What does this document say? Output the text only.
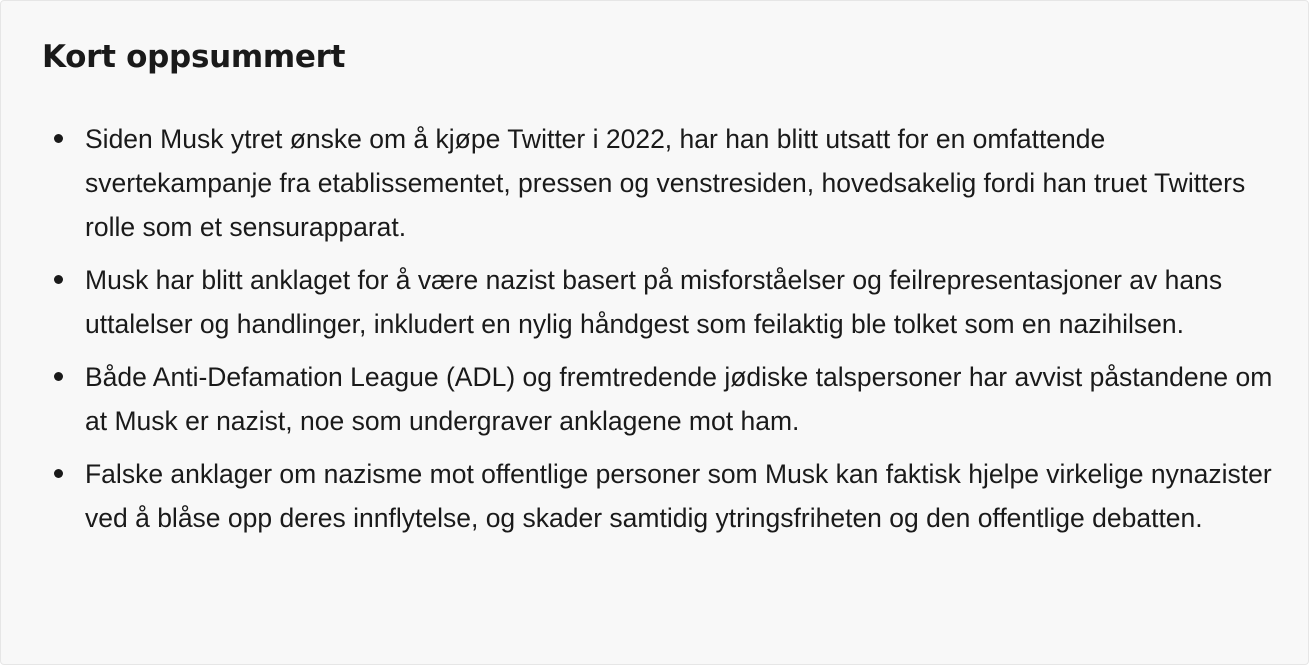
Kort oppsummert
Siden Musk ytret ønske om å kjøpe Twitter i 2022, har han blitt utsatt for en omfattende svertekampanje fra etablissementet, pressen og venstresiden, hovedsakelig fordi han truet Twitters rolle som et sensurapparat.
Musk har blitt anklaget for å være nazist basert på misforståelser og feilrepresentasjoner av hans uttalelser og handlinger, inkludert en nylig håndgest som feilaktig ble tolket som en nazihilsen.
Både Anti-Defamation League (ADL) og fremtredende jødiske talspersoner har avvist påstandene om at Musk er nazist, noe som undergraver anklagene mot ham.
Falske anklager om nazisme mot offentlige personer som Musk kan faktisk hjelpe virkelige nynazister ved å blåse opp deres innflytelse, og skader samtidig ytringsfriheten og den offentlige debatten.
